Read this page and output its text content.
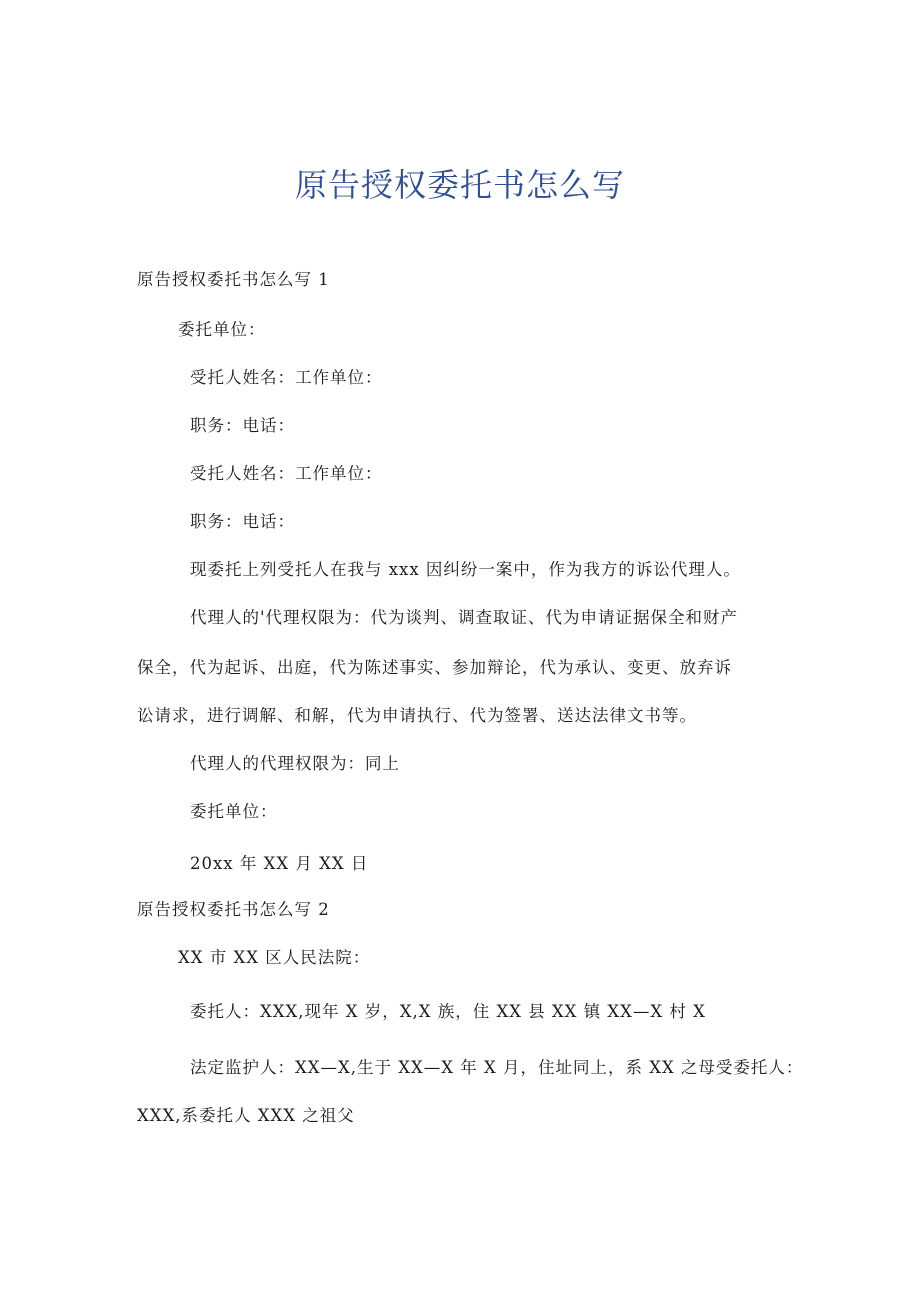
原告授权委托书怎么写
原告授权委托书怎么写 1
委托单位：
受托人姓名：工作单位：
职务：电话：
受托人姓名：工作单位：
职务：电话：
现委托上列受托人在我与 xxx 因纠纷一案中，作为我方的诉讼代理人。
代理人的'代理权限为：代为谈判、调查取证、代为申请证据保全和财产
保全，代为起诉、出庭，代为陈述事实、参加辩论，代为承认、变更、放弃诉
讼请求，进行调解、和解，代为申请执行、代为签署、送达法律文书等。
代理人的代理权限为：同上
委托单位：
20xx 年 XX 月 XX 日
原告授权委托书怎么写 2
XX 市 XX 区人民法院：
委托人：XXX,现年 X 岁，X,X 族，住 XX 县 XX 镇 XX—X 村 X
法定监护人：XX—X,生于 XX—X 年 X 月，住址同上，系 XX 之母受委托人：
XXX,系委托人 XXX 之祖父
